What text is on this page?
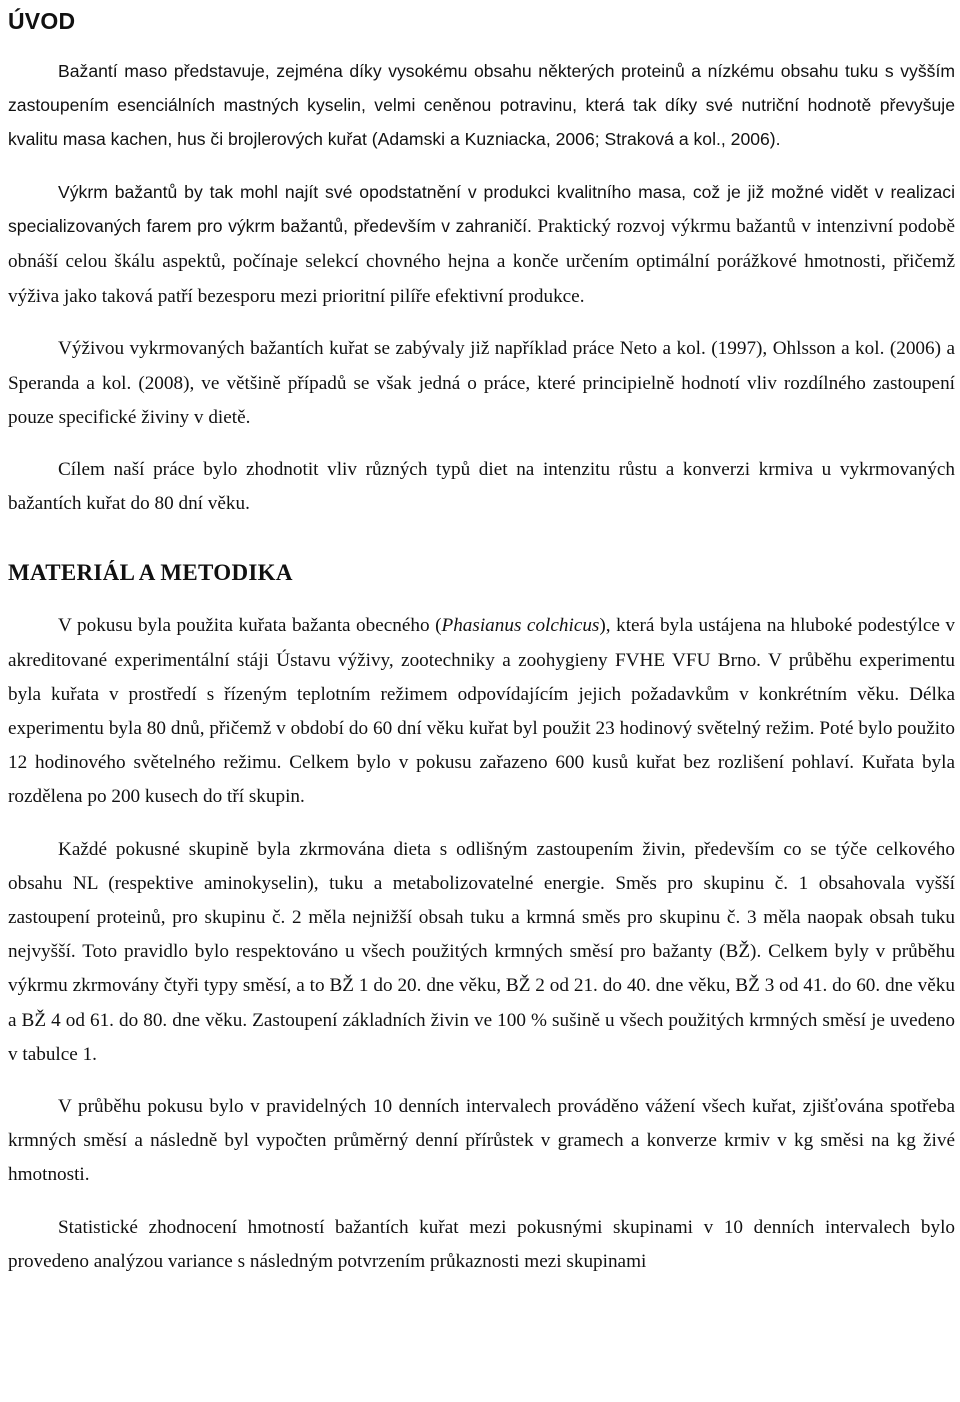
ÚVOD

Bažantí maso představuje, zejména díky vysokému obsahu některých proteinů a nízkému obsahu tuku s vyšším zastoupením esenciálních mastných kyselin, velmi ceněnou potravinu, která tak díky své nutriční hodnotě převyšuje kvalitu masa kachen, hus či brojlerových kuřat (Adamski a Kuzniacka, 2006; Straková a kol., 2006).

Výkrm bažantů by tak mohl najít své opodstatnění v produkci kvalitního masa, což je již možné vidět v realizaci specializovaných farem pro výkrm bažantů, především v zahraničí. Praktický rozvoj výkrmu bažantů v intenzivní podobě obnáší celou škálu aspektů, počínaje selekcí chovného hejna a konče určením optimální porážkové hmotnosti, přičemž výživa jako taková patří bezesporu mezi prioritní pilíře efektivní produkce.

Výživou vykrmovaných bažantích kuřat se zabývaly již například práce Neto a kol. (1997), Ohlsson a kol. (2006) a Speranda a kol. (2008), ve většině případů se však jedná o práce, které principielně hodnotí vliv rozdílného zastoupení pouze specifické živiny v dietě.

Cílem naší práce bylo zhodnotit vliv různých typů diet na intenzitu růstu a konverzi krmiva u vykrmovaných bažantích kuřat do 80 dní věku.

MATERIÁL A METODIKA

V pokusu byla použita kuřata bažanta obecného (Phasianus colchicus), která byla ustájena na hluboké podestýlce v akreditované experimentální stáji Ústavu výživy, zootechniky a zoohygieny FVHE VFU Brno. V průběhu experimentu byla kuřata v prostředí s řízeným teplotním režimem odpovídajícím jejich požadavkům v konkrétním věku. Délka experimentu byla 80 dnů, přičemž v období do 60 dní věku kuřat byl použit 23 hodinový světelný režim. Poté bylo použito 12 hodinového světelného režimu. Celkem bylo v pokusu zařazeno 600 kusů kuřat bez rozlišení pohlaví. Kuřata byla rozdělena po 200 kusech do tří skupin.

Každé pokusné skupině byla zkrmována dieta s odlišným zastoupením živin, především co se týče celkového obsahu NL (respektive aminokyselin), tuku a metabolizovatelné energie. Směs pro skupinu č. 1 obsahovala vyšší zastoupení proteinů, pro skupinu č. 2 měla nejnižší obsah tuku a krmná směs pro skupinu č. 3 měla naopak obsah tuku nejvyšší. Toto pravidlo bylo respektováno u všech použitých krmných směsí pro bažanty (BŽ). Celkem byly v průběhu výkrmu zkrmovány čtyři typy směsí, a to BŽ 1 do 20. dne věku, BŽ 2 od 21. do 40. dne věku, BŽ 3 od 41. do 60. dne věku a BŽ 4 od 61. do 80. dne věku. Zastoupení základních živin ve 100 % sušině u všech použitých krmných směsí je uvedeno v tabulce 1.

V průběhu pokusu bylo v pravidelných 10 denních intervalech prováděno vážení všech kuřat, zjišťována spotřeba krmných směsí a následně byl vypočten průměrný denní přírůstek v gramech a konverze krmiv v kg směsi na kg živé hmotnosti.

Statistické zhodnocení hmotností bažantích kuřat mezi pokusnými skupinami v 10 denních intervalech bylo provedeno analýzou variance s následným potvrzením průkaznosti mezi skupinami
